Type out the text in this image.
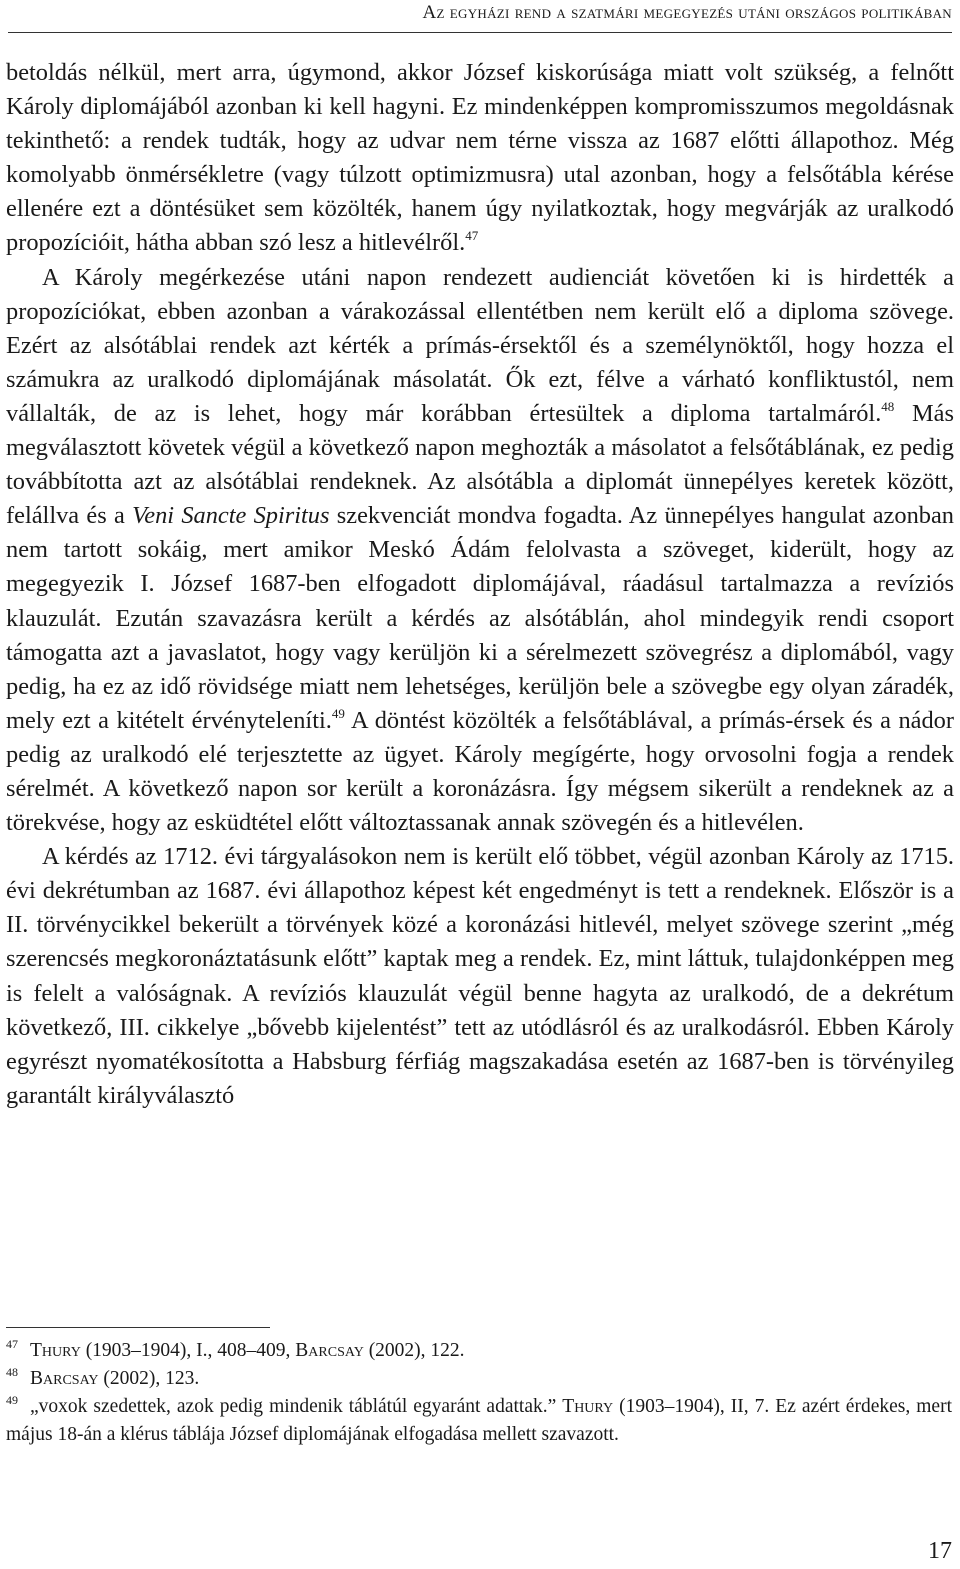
Az egyházi rend a szatmári megegyezés utáni országos politikában

betoldás nélkül, mert arra, úgymond, akkor József kiskorúsága miatt volt szükség, a felnőtt Károly diplomájából azonban ki kell hagyni. Ez mindenképpen kompromisszumos megoldásnak tekinthető: a rendek tudták, hogy az udvar nem térne vissza az 1687 előtti állapothoz. Még komolyabb önmérsékletre (vagy túlzott optimizmusra) utal azonban, hogy a felsőtábla kérése ellenére ezt a döntésüket sem közölték, hanem úgy nyilatkoztak, hogy megvárják az uralkodó propozícióit, hátha abban szó lesz a hitlevélről.$^{47}$

A Károly megérkezése utáni napon rendezett audienciát követően ki is hirdették a propozíciókat, ebben azonban a várakozással ellentétben nem került elő a diploma szövege. Ezért az alsótáblai rendek azt kérték a prímás-érsektől és a személynöktől, hogy hozza el számukra az uralkodó diplomájának másolatát. Ők ezt, félve a várható konfliktustól, nem vállalták, de az is lehet, hogy már korábban értesültek a diploma tartalmáról.$^{48}$ Más megválasztott követek végül a következő napon meghozták a másolatot a felsőtáblának, ez pedig továbbította azt az alsótáblai rendeknek. Az alsótábla a diplomát ünnepélyes keretek között, felállva és a Veni Sancte Spiritus szekvenciát mondva fogadta. Az ünnepélyes hangulat azonban nem tartott sokáig, mert amikor Meskó Ádám felolvasta a szöveget, kiderült, hogy az megegyezik I. József 1687-ben elfogadott diplomájával, ráadásul tartalmazza a revíziós klauzulát. Ezután szavazásra került a kérdés az alsótáblán, ahol mindegyik rendi csoport támogatta azt a javaslatot, hogy vagy kerüljön ki a sérelmezett szövegrész a diplomából, vagy pedig, ha ez az idő rövidsége miatt nem lehetséges, kerüljön bele a szövegbe egy olyan záradék, mely ezt a kitételt érvényteleníti.$^{49}$ A döntést közölték a felsőtáblával, a prímás-érsek és a nádor pedig az uralkodó elé terjesztette az ügyet. Károly megígérte, hogy orvosolni fogja a rendek sérelmét. A következő napon sor került a koronázásra. Így mégsem sikerült a rendeknek az a törekvése, hogy az esküdtétel előtt változtassanak annak szövegén és a hitlevélen.

A kérdés az 1712. évi tárgyalásokon nem is került elő többet, végül azonban Károly az 1715. évi dekrétumban az 1687. évi állapothoz képest két engedményt is tett a rendeknek. Először is a II. törvénycikkel bekerült a törvények közé a koronázási hitlevél, melyet szövege szerint „még szerencsés megkoronáztatásunk előtt” kaptak meg a rendek. Ez, mint láttuk, tulajdonképpen meg is felelt a valóságnak. A revíziós klauzulát végül benne hagyta az uralkodó, de a dekrétum következő, III. cikkelye „bővebb kijelentést” tett az utódlásról és az uralkodásról. Ebben Károly egyrészt nyomatékosította a Habsburg férfiág magszakadása esetén az 1687-ben is törvényileg garantált királyválasztó

$^{47}$ Thury (1903–1904), I., 408–409, Barcsay (2002), 122.

$^{48}$ Barcsay (2002), 123.

$^{49}$ „voxok szedettek, azok pedig mindenik táblátúl egyaránt adattak.” Thury (1903–1904), II, 7. Ez azért érdekes, mert május 18-án a klérus táblája József diplomájának elfogadása mellett szavazott.

17
